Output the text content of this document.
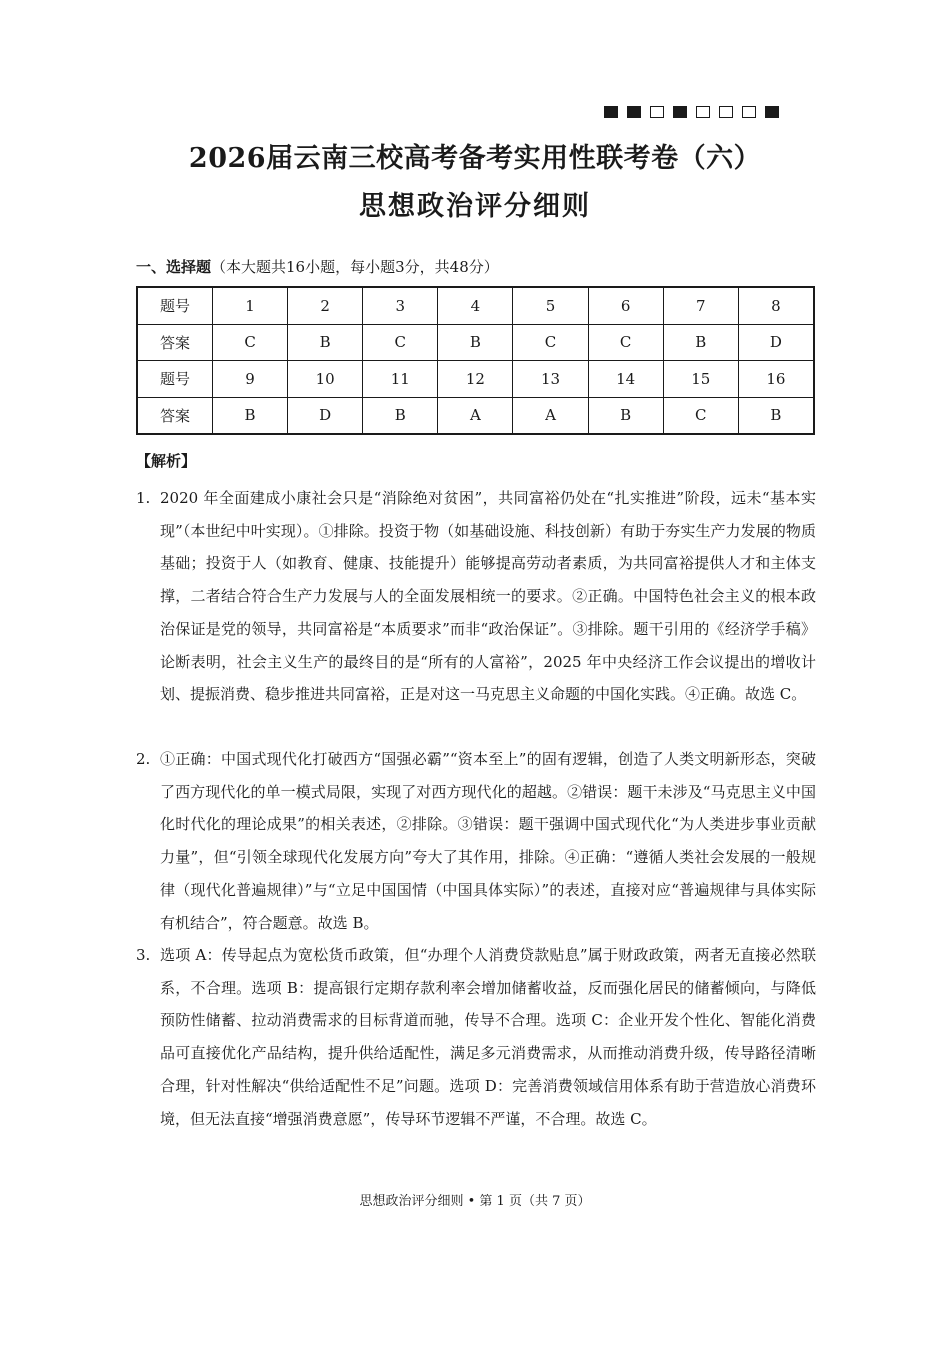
2026届云南三校高考备考实用性联考卷（六）
思想政治评分细则
一、选择题（本大题共16小题，每小题3分，共48分）
题号	1	2	3	4	5	6	7	8
答案	C	B	C	B	C	C	B	D
题号	9	10	11	12	13	14	15	16
答案	B	D	B	A	A	B	C	B
【解析】
1. 2020 年全面建成小康社会只是“消除绝对贫困”，共同富裕仍处在“扎实推进”阶段，远未“基本实现”（本世纪中叶实现）。①排除。投资于物（如基础设施、科技创新）有助于夯实生产力发展的物质基础；投资于人（如教育、健康、技能提升）能够提高劳动者素质，为共同富裕提供人才和主体支撑，二者结合符合生产力发展与人的全面发展相统一的要求。②正确。中国特色社会主义的根本政治保证是党的领导，共同富裕是“本质要求”而非“政治保证”。③排除。题干引用的《经济学手稿》论断表明，社会主义生产的最终目的是“所有的人富裕”，2025 年中央经济工作会议提出的增收计划、提振消费、稳步推进共同富裕，正是对这一马克思主义命题的中国化实践。④正确。故选 C。
2. ①正确：中国式现代化打破西方“国强必霸”“资本至上”的固有逻辑，创造了人类文明新形态，突破了西方现代化的单一模式局限，实现了对西方现代化的超越。②错误：题干未涉及“马克思主义中国化时代化的理论成果”的相关表述，②排除。③错误：题干强调中国式现代化“为人类进步事业贡献力量”，但“引领全球现代化发展方向”夸大了其作用，排除。④正确：“遵循人类社会发展的一般规律（现代化普遍规律）”与“立足中国国情（中国具体实际）”的表述，直接对应“普遍规律与具体实际有机结合”，符合题意。故选 B。
3. 选项 A：传导起点为宽松货币政策，但“办理个人消费贷款贴息”属于财政政策，两者无直接必然联系，不合理。选项 B：提高银行定期存款利率会增加储蓄收益，反而强化居民的储蓄倾向，与降低预防性储蓄、拉动消费需求的目标背道而驰，传导不合理。选项 C：企业开发个性化、智能化消费品可直接优化产品结构，提升供给适配性，满足多元消费需求，从而推动消费升级，传导路径清晰合理，针对性解决“供给适配性不足”问题。选项 D：完善消费领域信用体系有助于营造放心消费环境，但无法直接“增强消费意愿”，传导环节逻辑不严谨，不合理。故选 C。
思想政治评分细则 • 第 1 页（共 7 页）
